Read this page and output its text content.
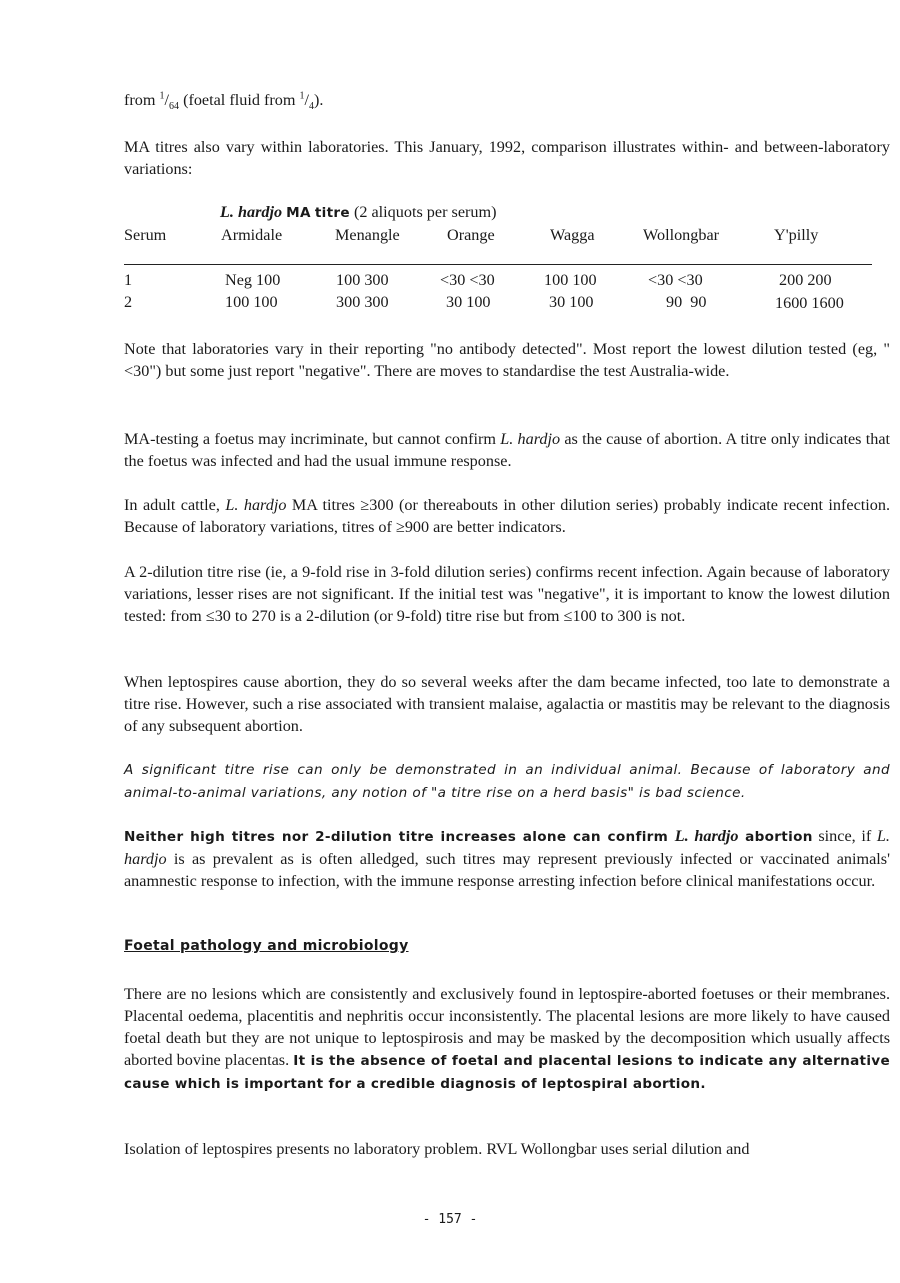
from $^1/_{64}$ (foetal fluid from $^1/_4$).

MA titres also vary within laboratories. This January, 1992, comparison illustrates within- and between-laboratory variations:

L. hardjo MA titre (2 aliquots per serum)
Serum	Armidale	Menangle	Orange	Wagga	Wollongbar	Y'pilly
1	Neg 100	100 300	<30 <30	100 100	<30 <30	200 200
2	100 100	300 300	30 100	30 100	90  90	1600 1600

Note that laboratories vary in their reporting "no antibody detected". Most report the lowest dilution tested (eg, "<30") but some just report "negative". There are moves to standardise the test Australia-wide.

MA-testing a foetus may incriminate, but cannot confirm L. hardjo as the cause of abortion. A titre only indicates that the foetus was infected and had the usual immune response.

In adult cattle, L. hardjo MA titres ≥300 (or thereabouts in other dilution series) probably indicate recent infection. Because of laboratory variations, titres of ≥900 are better indicators.

A 2-dilution titre rise (ie, a 9-fold rise in 3-fold dilution series) confirms recent infection. Again because of laboratory variations, lesser rises are not significant. If the initial test was "negative", it is important to know the lowest dilution tested: from ≤30 to 270 is a 2-dilution (or 9-fold) titre rise but from ≤100 to 300 is not.

When leptospires cause abortion, they do so several weeks after the dam became infected, too late to demonstrate a titre rise. However, such a rise associated with transient malaise, agalactia or mastitis may be relevant to the diagnosis of any subsequent abortion.

A significant titre rise can only be demonstrated in an individual animal. Because of laboratory and animal-to-animal variations, any notion of "a titre rise on a herd basis" is bad science.

Neither high titres nor 2-dilution titre increases alone can confirm L. hardjo abortion since, if L. hardjo is as prevalent as is often alledged, such titres may represent previously infected or vaccinated animals' anamnestic response to infection, with the immune response arresting infection before clinical manifestations occur.

Foetal pathology and microbiology

There are no lesions which are consistently and exclusively found in leptospire-aborted foetuses or their membranes. Placental oedema, placentitis and nephritis occur inconsistently. The placental lesions are more likely to have caused foetal death but they are not unique to leptospirosis and may be masked by the decomposition which usually affects aborted bovine placentas. It is the absence of foetal and placental lesions to indicate any alternative cause which is important for a credible diagnosis of leptospiral abortion.

Isolation of leptospires presents no laboratory problem. RVL Wollongbar uses serial dilution and

- 157 -
